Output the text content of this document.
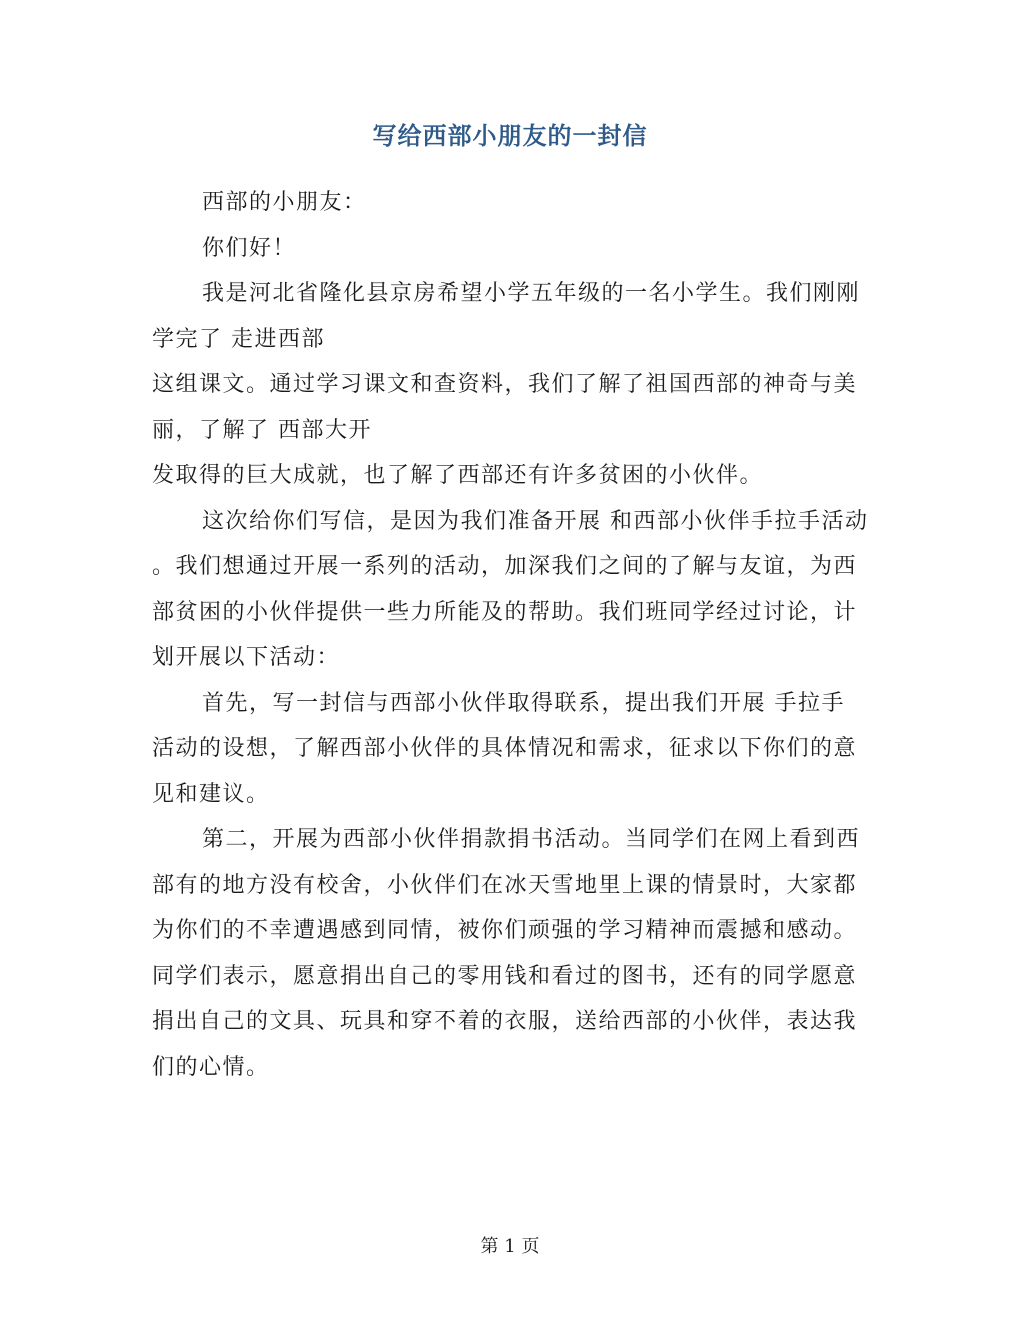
写给西部小朋友的一封信
西部的小朋友：
你们好！
我是河北省隆化县京房希望小学五年级的一名小学生。我们刚刚
学完了 走进西部
这组课文。通过学习课文和查资料，我们了解了祖国西部的神奇与美
丽，了解了 西部大开
发取得的巨大成就，也了解了西部还有许多贫困的小伙伴。
这次给你们写信，是因为我们准备开展 和西部小伙伴手拉手活动
。我们想通过开展一系列的活动，加深我们之间的了解与友谊，为西
部贫困的小伙伴提供一些力所能及的帮助。我们班同学经过讨论，计
划开展以下活动：
首先，写一封信与西部小伙伴取得联系，提出我们开展 手拉手
活动的设想，了解西部小伙伴的具体情况和需求，征求以下你们的意
见和建议。
第二，开展为西部小伙伴捐款捐书活动。当同学们在网上看到西
部有的地方没有校舍，小伙伴们在冰天雪地里上课的情景时，大家都
为你们的不幸遭遇感到同情，被你们顽强的学习精神而震撼和感动。
同学们表示，愿意捐出自己的零用钱和看过的图书，还有的同学愿意
捐出自己的文具、玩具和穿不着的衣服，送给西部的小伙伴，表达我
们的心情。
第 1 页
